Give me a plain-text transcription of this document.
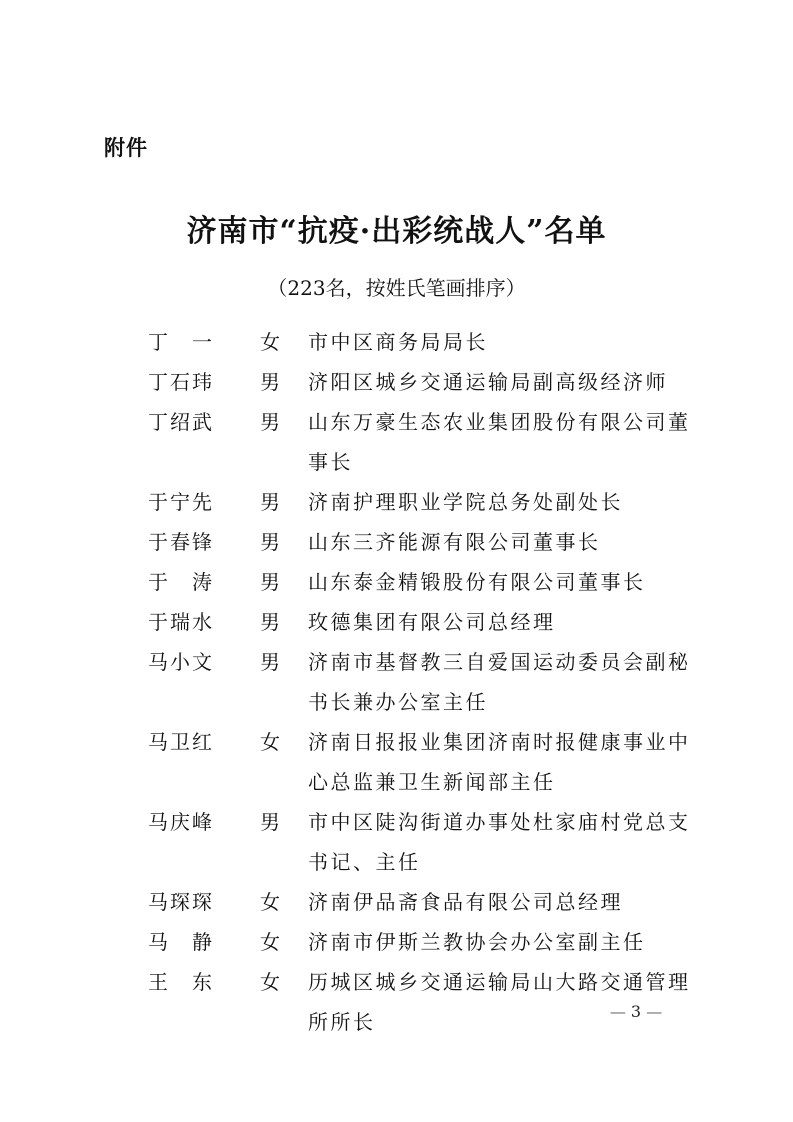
附件
济南市“抗疫·出彩统战人”名单
（223名，按姓氏笔画排序）
丁　一	女	市中区商务局局长
丁石玮	男	济阳区城乡交通运输局副高级经济师
丁绍武	男	山东万豪生态农业集团股份有限公司董事长
于宁先	男	济南护理职业学院总务处副处长
于春锋	男	山东三齐能源有限公司董事长
于　涛	男	山东泰金精锻股份有限公司董事长
于瑞水	男	玫德集团有限公司总经理
马小文	男	济南市基督教三自爱国运动委员会副秘书长兼办公室主任
马卫红	女	济南日报报业集团济南时报健康事业中心总监兼卫生新闻部主任
马庆峰	男	市中区陡沟街道办事处杜家庙村党总支书记、主任
马琛琛	女	济南伊品斋食品有限公司总经理
马　静	女	济南市伊斯兰教协会办公室副主任
王　东	女	历城区城乡交通运输局山大路交通管理所所长	— 3 —
